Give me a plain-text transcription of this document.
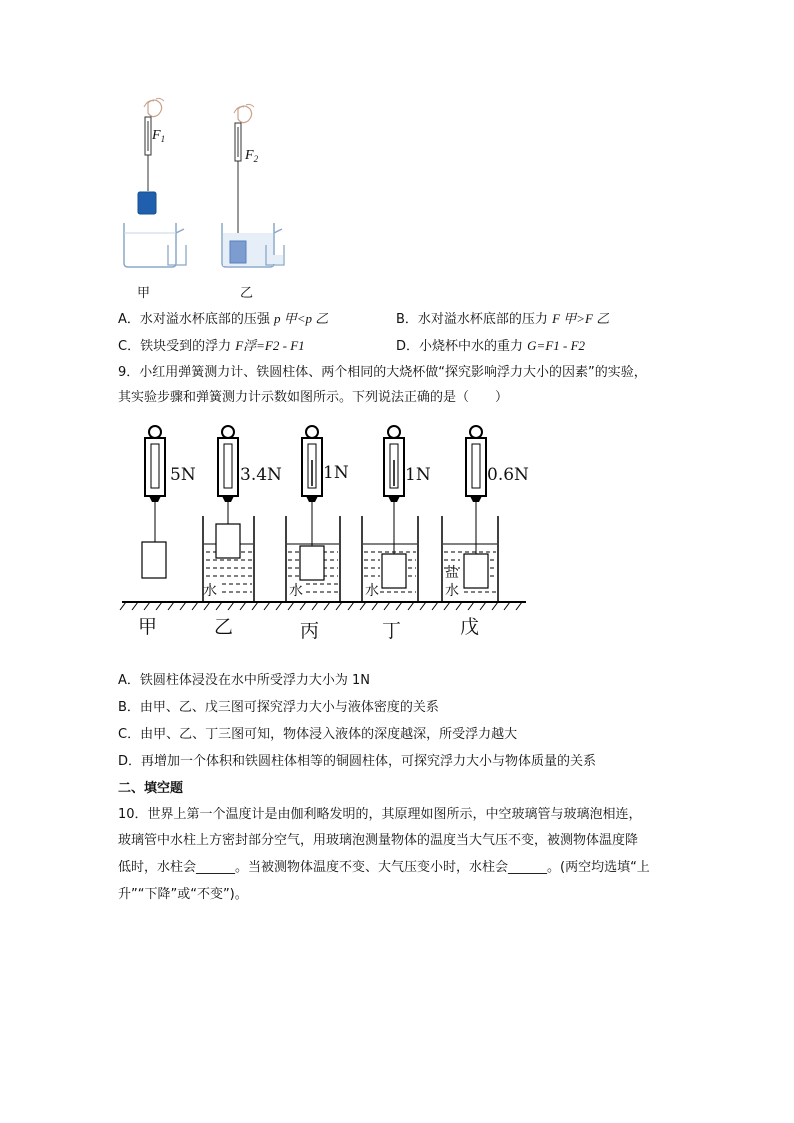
$F_1$
$F_2$
甲	乙
A．水对溢水杯底部的压强 p 甲<p 乙	B．水对溢水杯底部的压力 F 甲>F 乙
C．铁块受到的浮力 F浮=F2 - F1	D．小烧杯中水的重力 G=F1 - F2
9．小红用弹簧测力计、铁圆柱体、两个相同的大烧杯做“探究影响浮力大小的因素”的实验，
其实验步骤和弹簧测力计示数如图所示。下列说法正确的是（　　）
5N	3.4N 1N	1N	0.6N
水	水	水
盐
水
甲	乙	丙	丁	戊
A．铁圆柱体浸没在水中所受浮力大小为 1N
B．由甲、乙、戊三图可探究浮力大小与液体密度的关系
C．由甲、乙、丁三图可知，物体浸入液体的深度越深，所受浮力越大
D．再增加一个体积和铁圆柱体相等的铜圆柱体，可探究浮力大小与物体质量的关系
二、填空题
10．世界上第一个温度计是由伽利略发明的，其原理如图所示，中空玻璃管与玻璃泡相连，
玻璃管中水柱上方密封部分空气，用玻璃泡测量物体的温度当大气压不变，被测物体温度降
低时，水柱会______。当被测物体温度不变、大气压变小时，水柱会______。(两空均选填“上
升”“下降”或“不变”)。
